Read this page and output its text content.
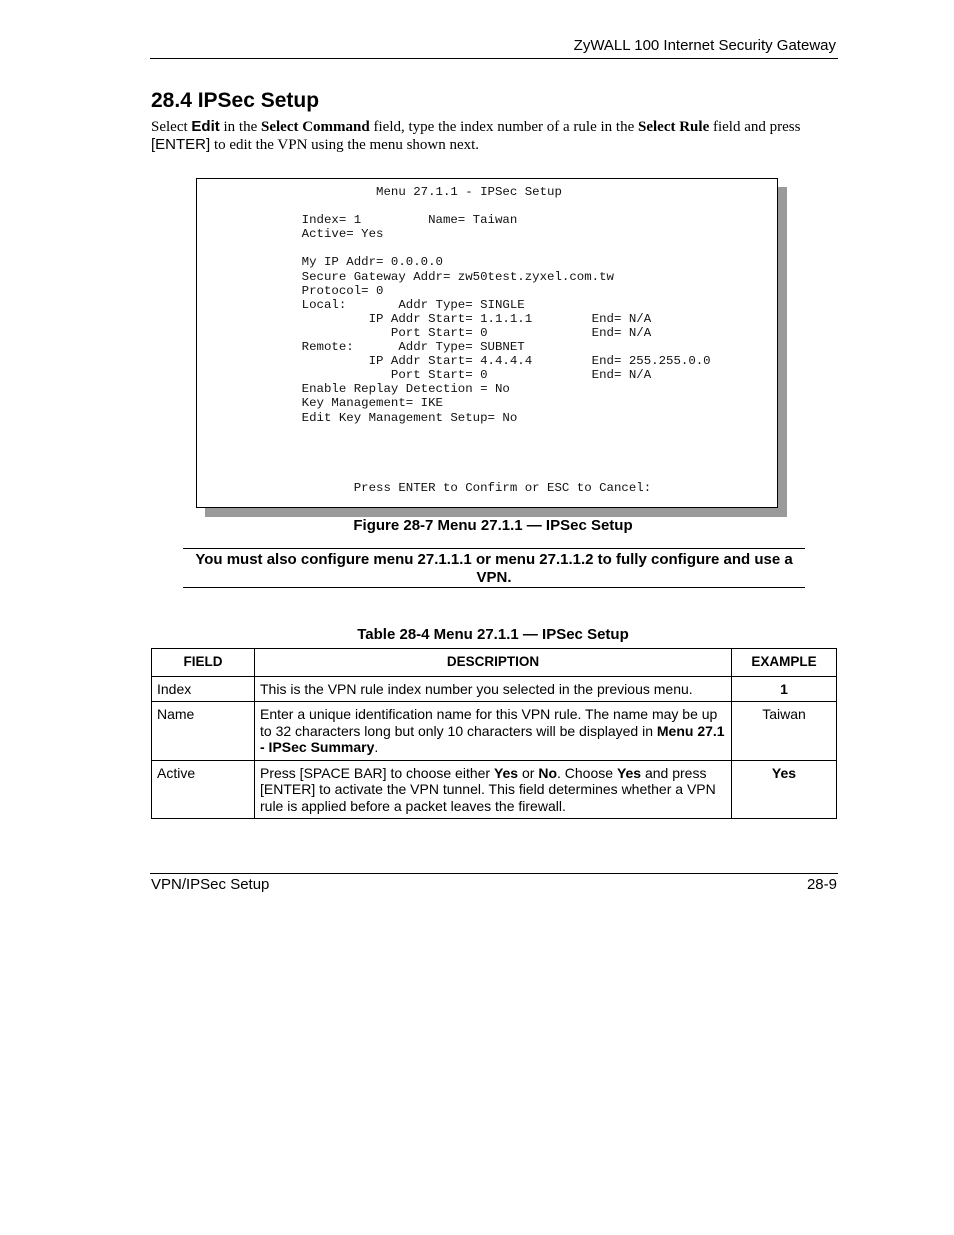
ZyWALL 100 Internet Security Gateway
28.4 IPSec Setup
Select Edit in the Select Command field, type the index number of a rule in the Select Rule field and press [ENTER] to edit the VPN using the menu shown next.
Menu 27.1.1 - IPSec Setup

Index= 1         Name= Taiwan
Active= Yes

My IP Addr= 0.0.0.0
Secure Gateway Addr= zw50test.zyxel.com.tw
Protocol= 0
Local:       Addr Type= SINGLE
IP Addr Start= 1.1.1.1        End= N/A
Port Start= 0              End= N/A
Remote:      Addr Type= SUBNET
IP Addr Start= 4.4.4.4        End= 255.255.0.0
Port Start= 0              End= N/A
Enable Replay Detection = No
Key Management= IKE
Edit Key Management Setup= No

Press ENTER to Confirm or ESC to Cancel:
Figure 28-7 Menu 27.1.1 — IPSec Setup
You must also configure menu 27.1.1.1 or menu 27.1.1.2 to fully configure and use a VPN.
Table 28-4 Menu 27.1.1 — IPSec Setup
FIELD	DESCRIPTION	EXAMPLE
Index	This is the VPN rule index number you selected in the previous menu.	1
Name	Enter a unique identification name for this VPN rule. The name may be up to 32 characters long but only 10 characters will be displayed in Menu 27.1 - IPSec Summary.	Taiwan
Active	Press [SPACE BAR] to choose either Yes or No. Choose Yes and press [ENTER] to activate the VPN tunnel. This field determines whether a VPN rule is applied before a packet leaves the firewall.	Yes
VPN/IPSec Setup	28-9
